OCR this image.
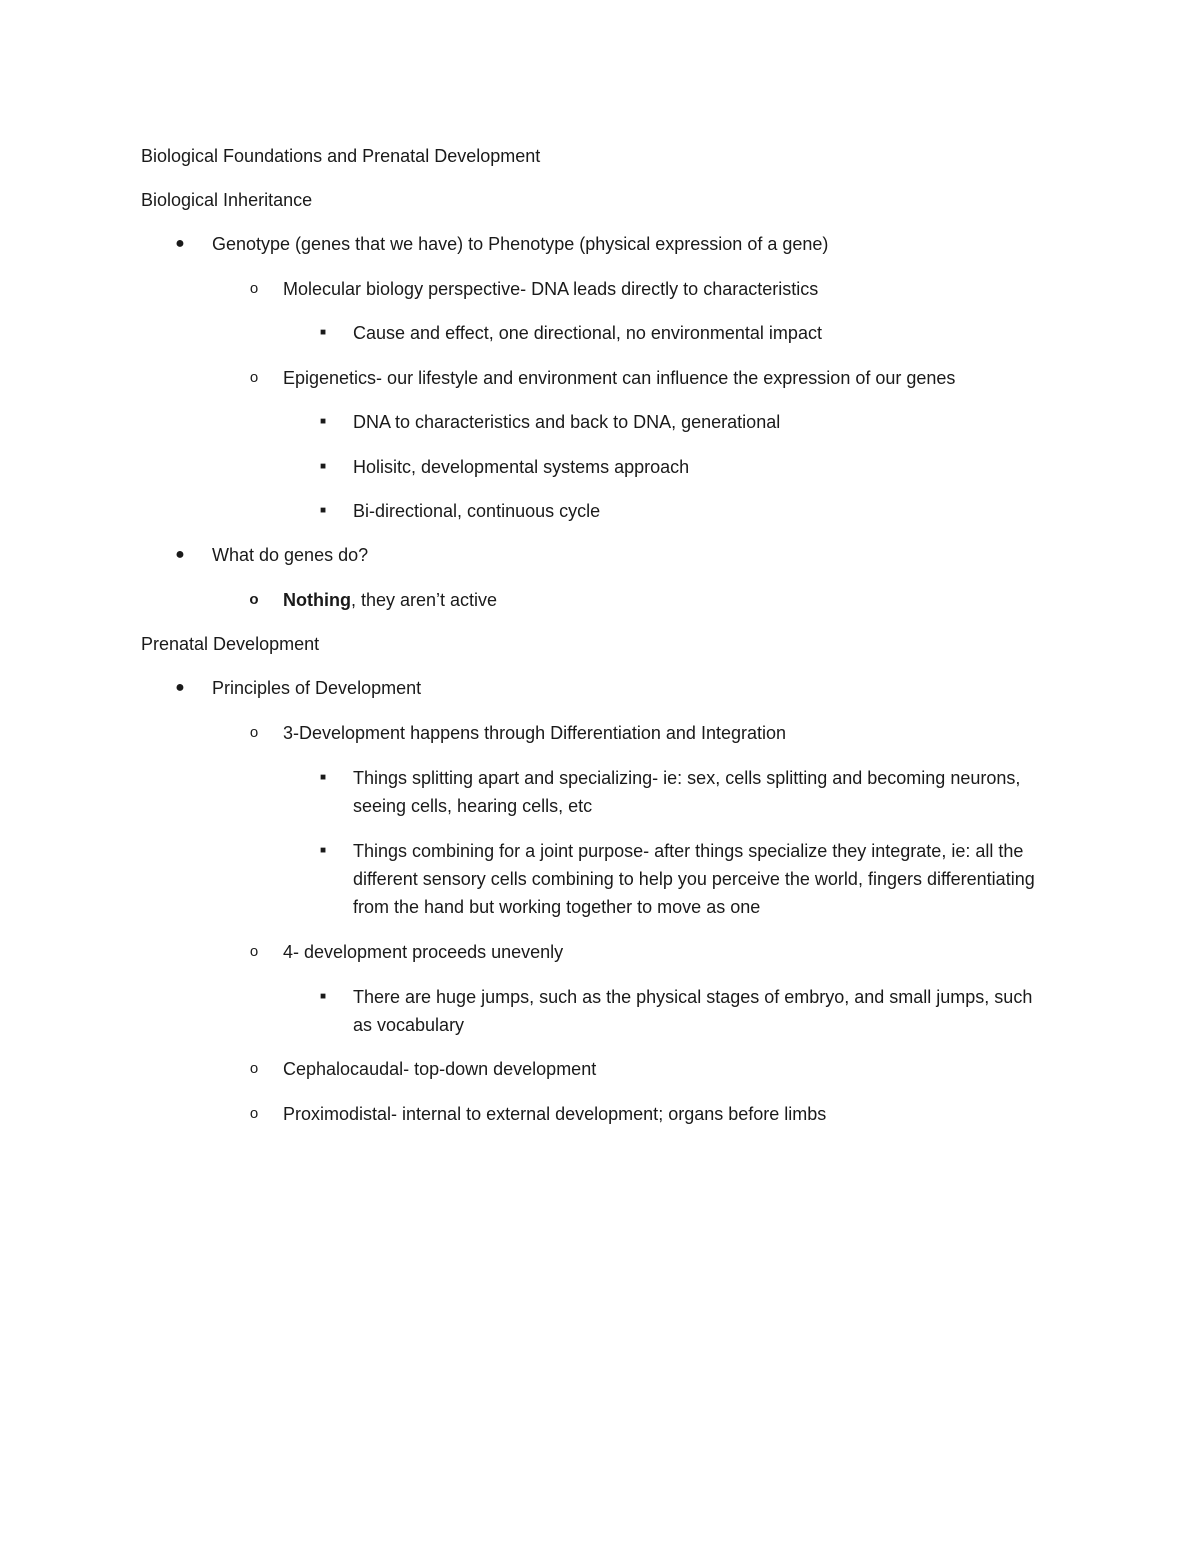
Biological Foundations and Prenatal Development
Biological Inheritance
● Genotype (genes that we have) to Phenotype (physical expression of a gene)
o	Molecular biology perspective- DNA leads directly to characteristics
■	Cause and effect, one directional, no environmental impact
o	Epigenetics- our lifestyle and environment can influence the expression of our genes
■	DNA to characteristics and back to DNA, generational
■	Holisitc, developmental systems approach
■	Bi-directional, continuous cycle
● What do genes do?
o	Nothing, they aren’t active
Prenatal Development
● Principles of Development
o	3-Development happens through Differentiation and Integration
■	Things splitting apart and specializing- ie: sex, cells splitting and becoming neurons, seeing cells, hearing cells, etc
■	Things combining for a joint purpose- after things specialize they integrate, ie: all the different sensory cells combining to help you perceive the world, fingers differentiating from the hand but working together to move as one
o	4- development proceeds unevenly
■	There are huge jumps, such as the physical stages of embryo, and small jumps, such as vocabulary
o	Cephalocaudal- top-down development
o	Proximodistal- internal to external development; organs before limbs
